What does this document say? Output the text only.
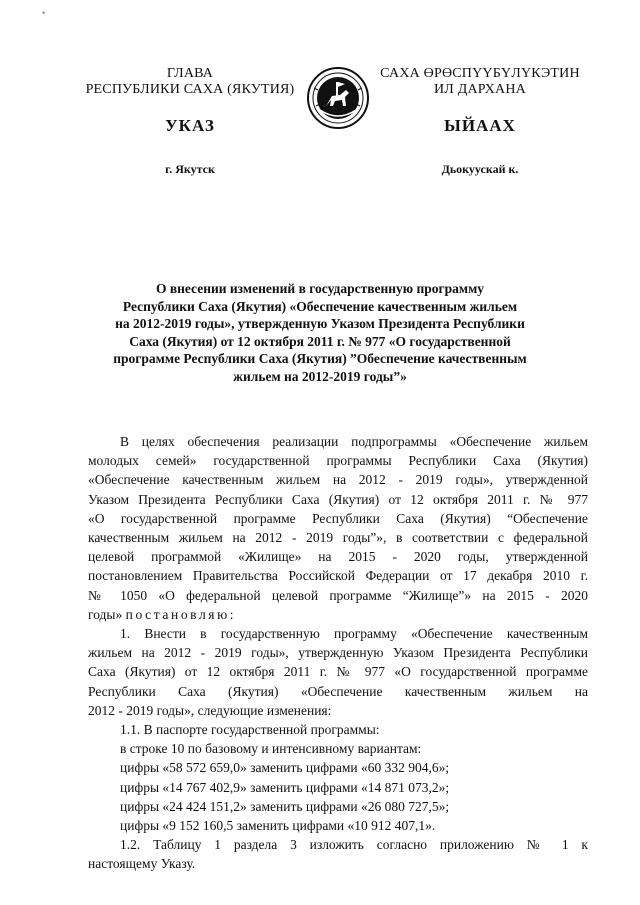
•
ГЛАВА
РЕСПУБЛИКИ САХА (ЯКУТИЯ)
САХА ӨРӨСПҮҮБҮЛҮКЭТИН
ИЛ ДАРХАНА
УКАЗ	ЫЙААХ
г. Якутск	Дьокуускай к.
О внесении изменений в государственную программу
Республики Саха (Якутия) «Обеспечение качественным жильем
на 2012-2019 годы», утвержденную Указом Президента Республики
Саха (Якутия) от 12 октября 2011 г. № 977 «О государственной
программе Республики Саха (Якутия) ”Обеспечение качественным
жильем на 2012-2019 годы”»
В целях обеспечения реализации подпрограммы «Обеспечение жильем
молодых семей» государственной программы Республики Саха (Якутия)
«Обеспечение качественным жильем на 2012 - 2019 годы», утвержденной
Указом Президента Республики Саха (Якутия) от 12 октября 2011 г. № 977
«О государственной программе Республики Саха (Якутия) “Обеспечение
качественным жильем на 2012 - 2019 годы”», в соответствии с федеральной
целевой программой «Жилище» на 2015 - 2020 годы, утвержденной
постановлением Правительства Российской Федерации от 17 декабря 2010 г.
№ 1050 «О федеральной целевой программе “Жилище”» на 2015 - 2020
годы» постановляю:
1. Внести в государственную программу «Обеспечение качественным
жильем на 2012 - 2019 годы», утвержденную Указом Президента Республики
Саха (Якутия) от 12 октября 2011 г. № 977 «О государственной программе
Республики Саха (Якутия) «Обеспечение качественным жильем на
2012 - 2019 годы», следующие изменения:
1.1. В паспорте государственной программы:
в строке 10 по базовому и интенсивному вариантам:
цифры «58 572 659,0» заменить цифрами «60 332 904,6»;
цифры «14 767 402,9» заменить цифрами «14 871 073,2»;
цифры «24 424 151,2» заменить цифрами «26 080 727,5»;
цифры «9 152 160,5 заменить цифрами «10 912 407,1».
1.2. Таблицу 1 раздела 3 изложить согласно приложению № 1 к
настоящему Указу.
